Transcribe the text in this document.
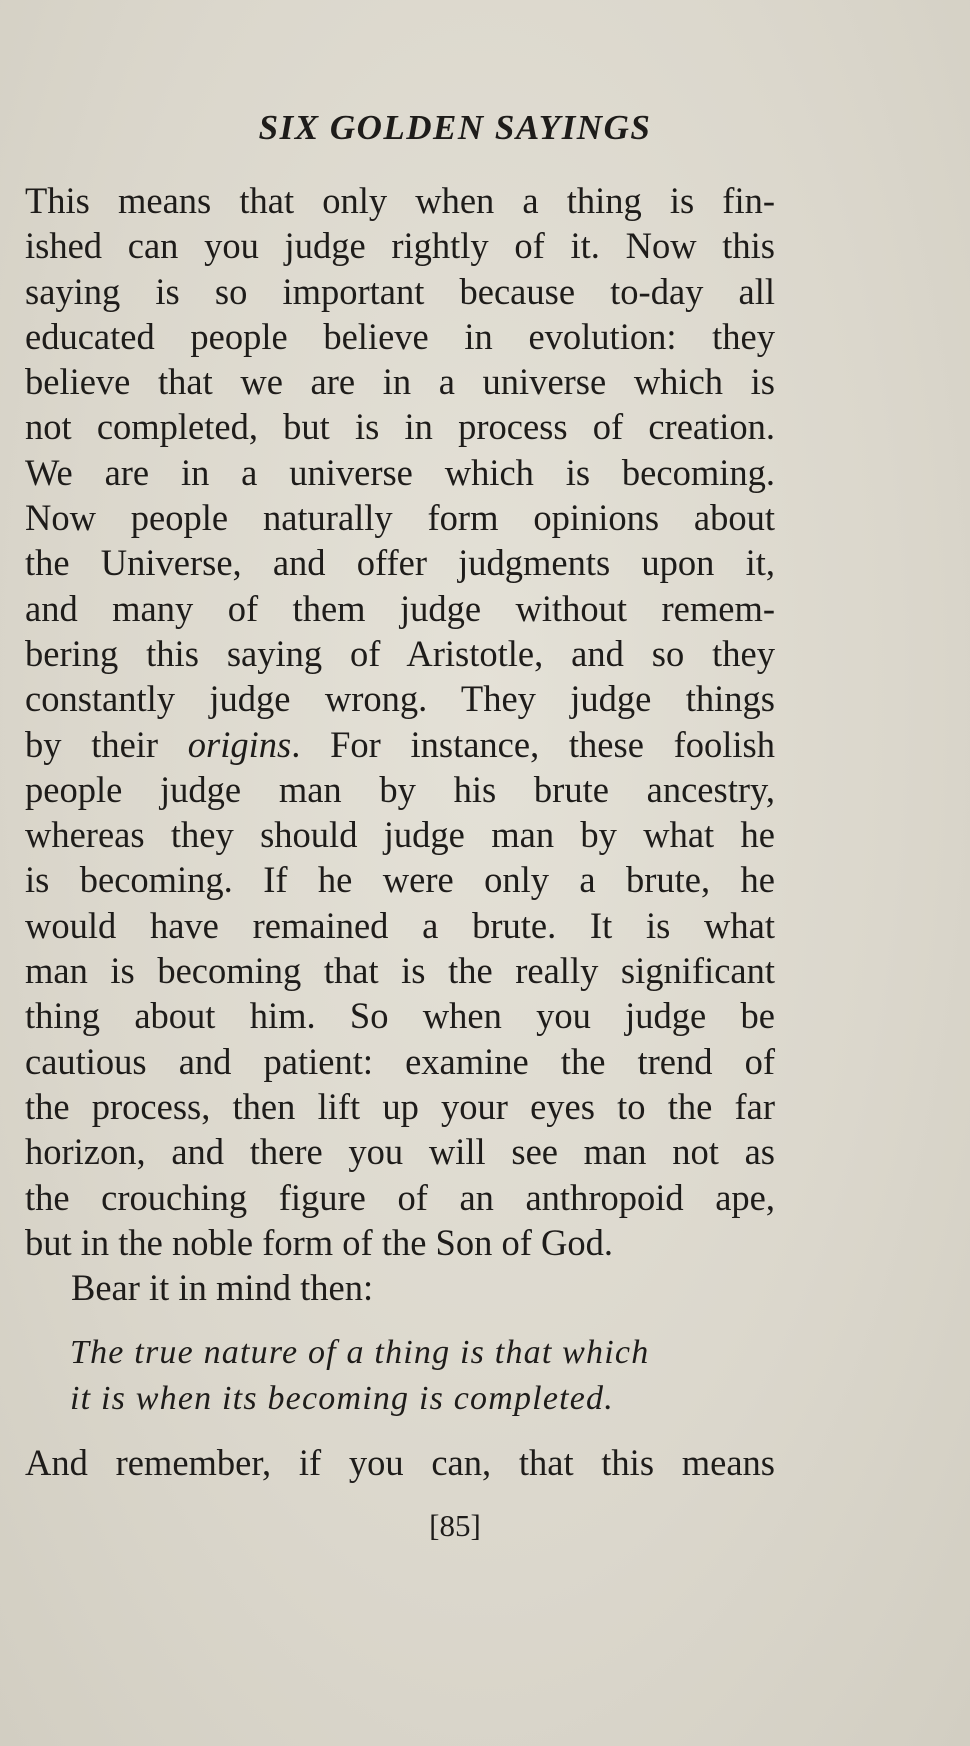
SIX GOLDEN SAYINGS
This means that only when a thing is fin-
ished can you judge rightly of it. Now this
saying is so important because to-day all
educated people believe in evolution: they
believe that we are in a universe which is
not completed, but is in process of creation.
We are in a universe which is becoming.
Now people naturally form opinions about
the Universe, and offer judgments upon it,
and many of them judge without remem-
bering this saying of Aristotle, and so they
constantly judge wrong. They judge things
by their origins. For instance, these foolish
people judge man by his brute ancestry,
whereas they should judge man by what he
is becoming. If he were only a brute, he
would have remained a brute. It is what
man is becoming that is the really significant
thing about him. So when you judge be
cautious and patient: examine the trend of
the process, then lift up your eyes to the far
horizon, and there you will see man not as
the crouching figure of an anthropoid ape,
but in the noble form of the Son of God.
Bear it in mind then:
The true nature of a thing is that which
it is when its becoming is completed.
And remember, if you can, that this means
[85]
